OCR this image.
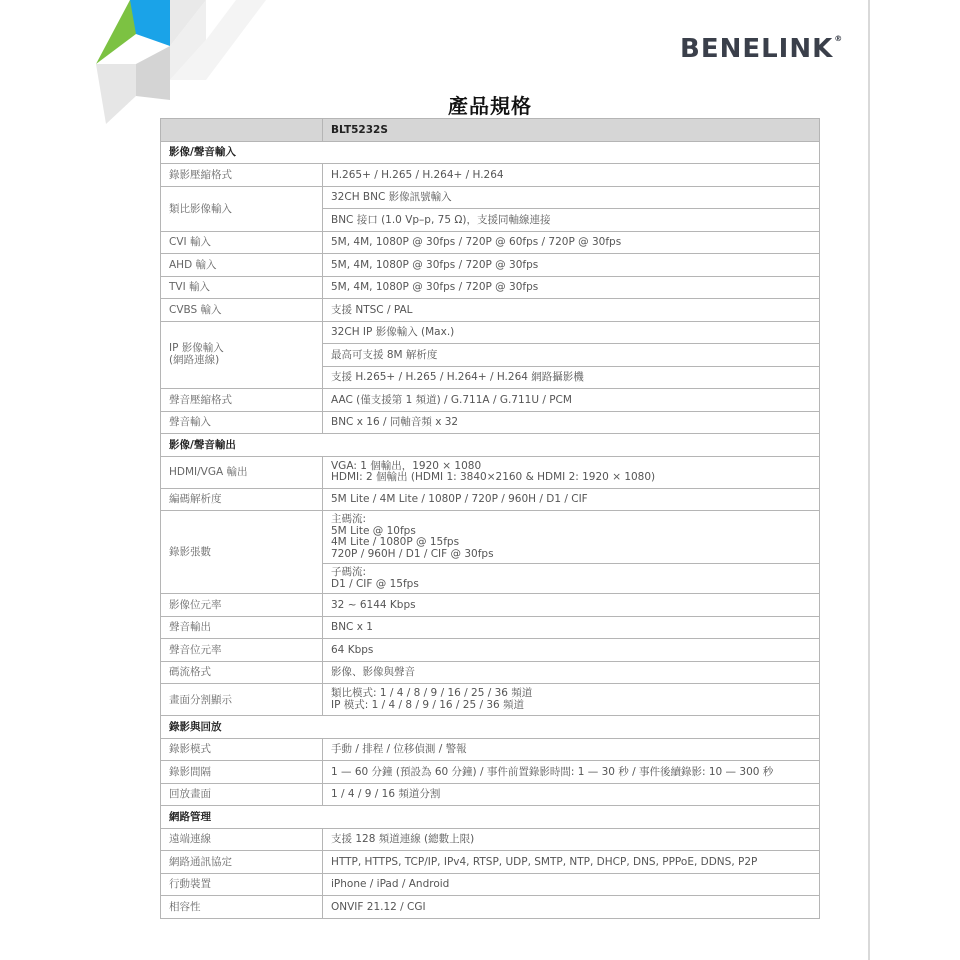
BENELINK®
產品規格
	BLT5232S
影像/聲音輸入	
錄影壓縮格式	H.265+ / H.265 / H.264+ / H.264
類比影像輸入	32CH BNC 影像訊號輸入
	BNC 接口 (1.0 Vp–p, 75 Ω)，支援同軸線連接
CVI 輸入	5M, 4M, 1080P @ 30fps / 720P @ 60fps / 720P @ 30fps
AHD 輸入	5M, 4M, 1080P @ 30fps / 720P @ 30fps
TVI 輸入	5M, 4M, 1080P @ 30fps / 720P @ 30fps
CVBS 輸入	支援 NTSC / PAL
IP 影像輸入
(網路連線)	32CH IP 影像輸入 (Max.)
	最高可支援 8M 解析度
	支援 H.265+ / H.265 / H.264+ / H.264 網路攝影機
聲音壓縮格式	AAC (僅支援第 1 頻道) / G.711A / G.711U / PCM
聲音輸入	BNC x 16 / 同軸音頻 x 32
影像/聲音輸出	
HDMI/VGA 輸出	VGA: 1 個輸出，1920 × 1080
HDMI: 2 個輸出 (HDMI 1: 3840×2160 & HDMI 2: 1920 × 1080)
編碼解析度	5M Lite / 4M Lite / 1080P / 720P / 960H / D1 / CIF
錄影張數	主碼流:
5M Lite @ 10fps
4M Lite / 1080P @ 15fps
720P / 960H / D1 / CIF @ 30fps
	子碼流:
D1 / CIF @ 15fps
影像位元率	32 ~ 6144 Kbps
聲音輸出	BNC x 1
聲音位元率	64 Kbps
碼流格式	影像、影像與聲音
畫面分割顯示	類比模式: 1 / 4 / 8 / 9 / 16 / 25 / 36 頻道
IP 模式: 1 / 4 / 8 / 9 / 16 / 25 / 36 頻道
錄影與回放	
錄影模式	手動 / 排程 / 位移偵測 / 警報
錄影間隔	1 — 60 分鐘 (預設為 60 分鐘) / 事件前置錄影時間: 1 — 30 秒 / 事件後續錄影: 10 — 300 秒
回放畫面	1 / 4 / 9 / 16 頻道分割
網路管理	
遠端連線	支援 128 頻道連線 (總數上限)
網路通訊協定	HTTP, HTTPS, TCP/IP, IPv4, RTSP, UDP, SMTP, NTP, DHCP, DNS, PPPoE, DDNS, P2P
行動裝置	iPhone / iPad / Android
相容性	ONVIF 21.12 / CGI
